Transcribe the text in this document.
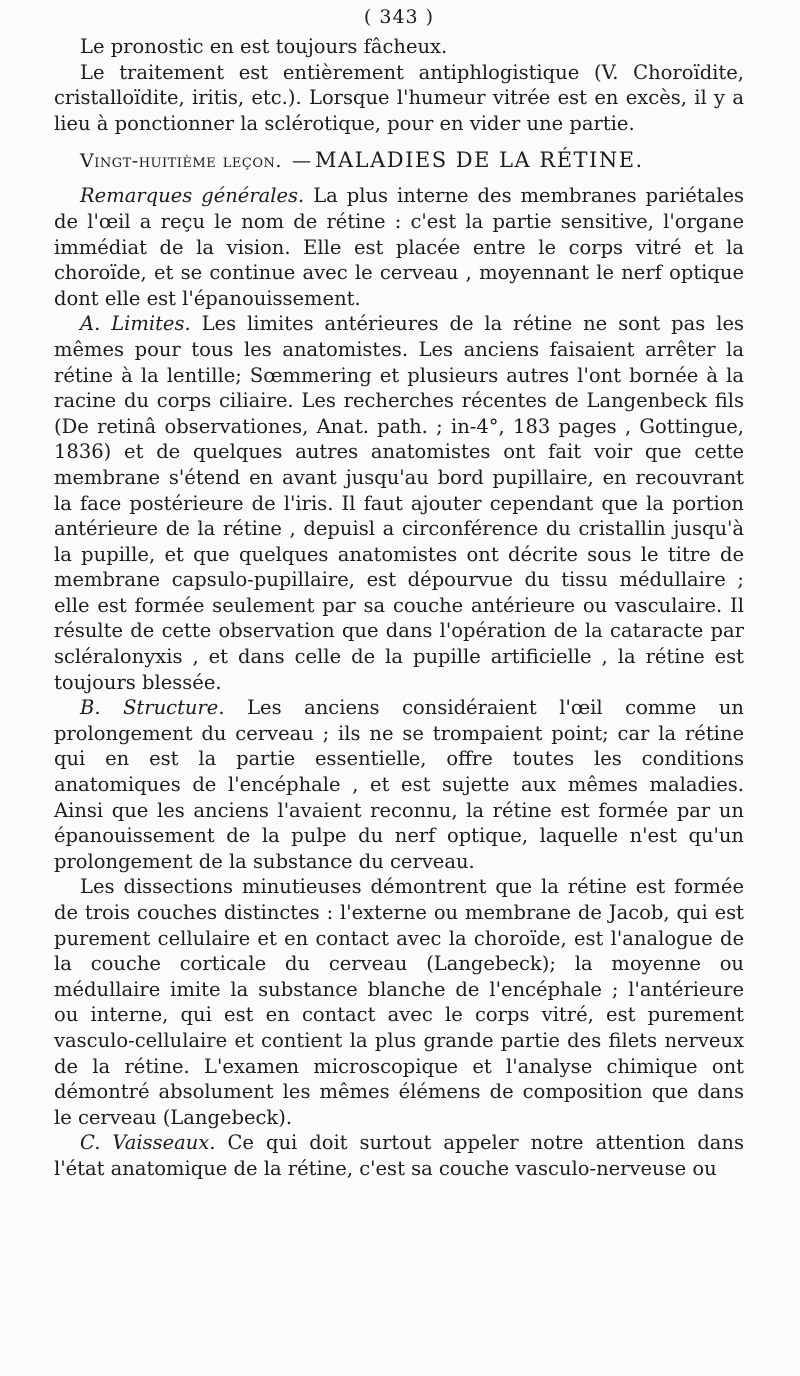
( 343 )

Le pronostic en est toujours fâcheux.

Le traitement est entièrement antiphlogistique (V. Choroïdite, cristalloïdite, iritis, etc.). Lorsque l'humeur vitrée est en excès, il y a lieu à ponctionner la sclérotique, pour en vider une partie.

Vingt-huitième leçon. — MALADIES DE LA RÉTINE.

Remarques générales. La plus interne des membranes pariétales de l'œil a reçu le nom de rétine : c'est la partie sensitive, l'organe immédiat de la vision. Elle est placée entre le corps vitré et la choroïde, et se continue avec le cerveau , moyennant le nerf optique dont elle est l'épanouissement.

A. Limites. Les limites antérieures de la rétine ne sont pas les mêmes pour tous les anatomistes. Les anciens faisaient arrêter la rétine à la lentille; Sœmmering et plusieurs autres l'ont bornée à la racine du corps ciliaire. Les recherches récentes de Langenbeck fils (De retinâ observationes, Anat. path. ; in-4°, 183 pages , Gottingue, 1836) et de quelques autres anatomistes ont fait voir que cette membrane s'étend en avant jusqu'au bord pupillaire, en recouvrant la face postérieure de l'iris. Il faut ajouter cependant que la portion antérieure de la rétine , depuisl a circonférence du cristallin jusqu'à la pupille, et que quelques anatomistes ont décrite sous le titre de membrane capsulo-pupillaire, est dépourvue du tissu médullaire ; elle est formée seulement par sa couche antérieure ou vasculaire. Il résulte de cette observation que dans l'opération de la cataracte par scléralonyxis , et dans celle de la pupille artificielle , la rétine est toujours blessée.

B. Structure. Les anciens considéraient l'œil comme un prolongement du cerveau ; ils ne se trompaient point; car la rétine qui en est la partie essentielle, offre toutes les conditions anatomiques de l'encéphale , et est sujette aux mêmes maladies. Ainsi que les anciens l'avaient reconnu, la rétine est formée par un épanouissement de la pulpe du nerf optique, laquelle n'est qu'un prolongement de la substance du cerveau.

Les dissections minutieuses démontrent que la rétine est formée de trois couches distinctes : l'externe ou membrane de Jacob, qui est purement cellulaire et en contact avec la choroïde, est l'analogue de la couche corticale du cerveau (Langebeck); la moyenne ou médullaire imite la substance blanche de l'encéphale ; l'antérieure ou interne, qui est en contact avec le corps vitré, est purement vasculo-cellulaire et contient la plus grande partie des filets nerveux de la rétine. L'examen microscopique et l'analyse chimique ont démontré absolument les mêmes élémens de composition que dans le cerveau (Langebeck).

C. Vaisseaux. Ce qui doit surtout appeler notre attention dans l'état anatomique de la rétine, c'est sa couche vasculo-nerveuse ou
